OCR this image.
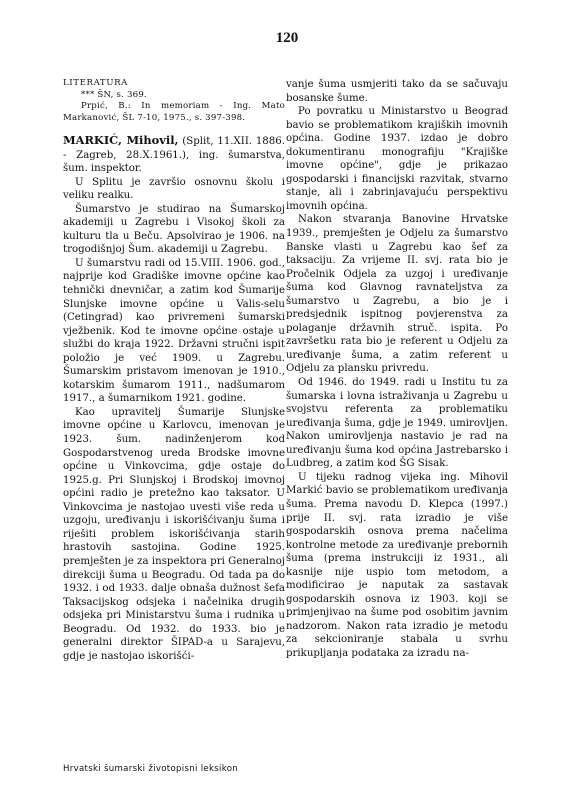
120

LITERATURA

*** ŠN, s. 369.

Prpić, B.: In memoriam - Ing. Mato Markanović, ŠL 7-10, 1975., s. 397-398.

MARKIĆ, Mihovil, (Split, 11.XII. 1886. - Zagreb, 28.X.1961.), ing. šumarstva, šum. inspektor.

U Splitu je završio osnovnu školu i veliku realku.

Šumarstvo je studirao na Šumarskoj akademiji u Zagrebu i Visokoj školi za kulturu tla u Beču. Apsolvirao je 1906. na trogodišnjoj Šum. akademiji u Zagrebu.

U šumarstvu radi od 15.VIII. 1906. god., najprije kod Gradiške imovne općine kao tehnički dnevničar, a zatim kod Šumarije Slunjske imovne općine u Valis-selu (Cetingrad) kao privremeni šumarski vježbenik. Kod te imovne općine ostaje u službi do kraja 1922. Državni stručni ispit položio je već 1909. u Zagrebu. Šumarskim pristavom imenovan je 1910., kotarskim šumarom 1911., nadšumarom 1917., a šumarnikom 1921. godine.

Kao upravitelj Šumarije Slunjske imovne općine u Karlovcu, imenovan je 1923. šum. nadinženjerom kod Gospodarstvenog ureda Brodske imovne općine u Vinkovcima, gdje ostaje do 1925.g. Pri Slunjskoj i Brodskoj imovnoj općini radio je pretežno kao taksator. U Vinkovcima je nastojao uvesti više reda u uzgoju, uređivanju i iskorišćivanju šuma i riješiti problem iskorišćivanja starih hrastovih sastojina. Godine 1925. premješten je za inspektora pri Generalnoj direkciji šuma u Beogradu. Od tada pa do 1932. i od 1933. dalje obnaša dužnost šefa Taksacijskog odsjeka i načelnika drugih odsjeka pri Ministarstvu šuma i rudnika u Beogradu. Od 1932. do 1933. bio je generalni direktor ŠIPAD-a u Sarajevu, gdje je nastojao iskorišći-

vanje šuma usmjeriti tako da se sačuvaju bosanske šume.

Po povratku u Ministarstvo u Beograd bavio se problematikom krajiških imovnih općina. Godine 1937. izdao je dobro dokumentiranu monografiju "Krajiške imovne općine", gdje je prikazao gospodarski i financijski razvitak, stvarno stanje, ali i zabrinjavajuću perspektivu imovnih općina.

Nakon stvaranja Banovine Hrvatske 1939., premješten je Odjelu za šumarstvo Banske vlasti u Zagrebu kao šef za taksaciju. Za vrijeme II. svj. rata bio je Pročelnik Odjela za uzgoj i uređivanje šuma kod Glavnog ravnateljstva za šumarstvo u Zagrebu, a bio je i predsjednik ispitnog povjerenstva za polaganje državnih struč. ispita. Po završetku rata bio je referent u Odjelu za uređivanje šuma, a zatim referent u Odjelu za plansku privredu.

Od 1946. do 1949. radi u Institu tu za šumarska i lovna istraživanja u Zagrebu u svojstvu referenta za problematiku uređivanja šuma, gdje je 1949. umirovljen. Nakon umirovljenja nastavio je rad na uređivanju šuma kod općina Jastrebarsko i Ludbreg, a zatim kod ŠG Sisak.

U tijeku radnog vijeka ing. Mihovil Markić bavio se problematikom uređivanja šuma. Prema navodu D. Klepca (1997.) prije II. svj. rata izradio je više gospodarskih osnova prema načelima kontrolne metode za uređivanje prebornih šuma (prema instrukciji iz 1931., ali kasnije nije uspio tom metodom, a modificirao je naputak za sastavak gospodarskih osnova iz 1903. koji se primjenjivao na šume pod osobitim javnim nadzorom. Nakon rata izradio je metodu za sekcioniranje stabala u svrhu prikupljanja podataka za izradu na-

Hrvatski šumarski životopisni leksikon
